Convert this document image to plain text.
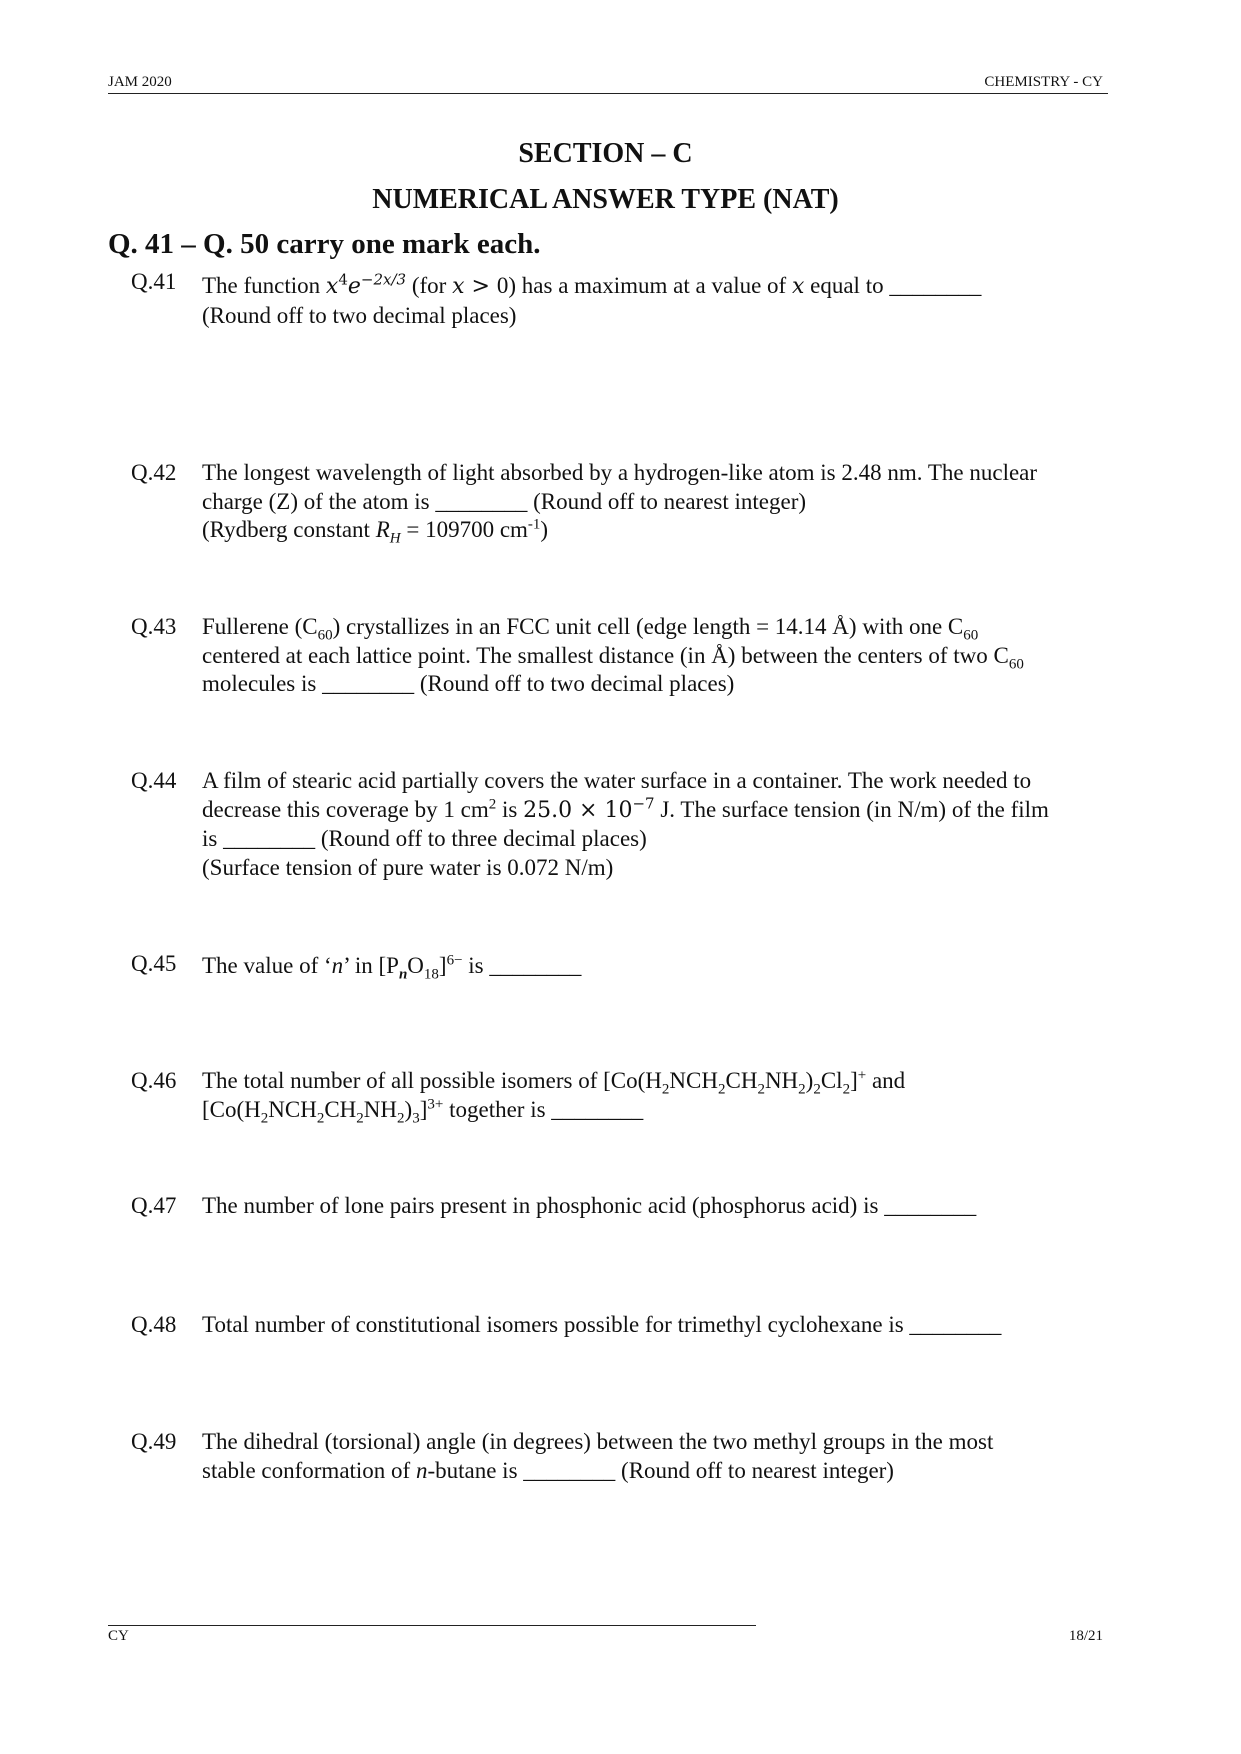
JAM 2020	CHEMISTRY - CY
SECTION – C
NUMERICAL ANSWER TYPE (NAT)
Q. 41 – Q. 50 carry one mark each.
Q.41 The function $x^4e^{-2x/3}$ (for x > 0) has a maximum at a value of x equal to ________
(Round off to two decimal places)
Q.42 The longest wavelength of light absorbed by a hydrogen-like atom is 2.48 nm. The nuclear
charge (Z) of the atom is ________ (Round off to nearest integer)
(Rydberg constant $R_H = 109700$ $cm^{-1}$)
Q.43 Fullerene $(C_{60})$ crystallizes in an FCC unit cell (edge length = 14.14 Å) with one $C_{60}$
centered at each lattice point. The smallest distance (in Å) between the centers of two $C_{60}$
molecules is ________ (Round off to two decimal places)
Q.44 A film of stearic acid partially covers the water surface in a container. The work needed to
decrease this coverage by 1 $cm^2$ is $25.0 \times 10^{-7}$ J. The surface tension (in N/m) of the film
is ________ (Round off to three decimal places)
(Surface tension of pure water is 0.072 N/m)
Q.45 The value of ‘n’ in $[P_nO_{18}]^{6-}$ is ________
Q.46 The total number of all possible isomers of $[Co(H_2NCH_2CH_2NH_2)_2Cl_2]^+$ and
$[Co(H_2NCH_2CH_2NH_2)_3]^{3+}$ together is ________
Q.47 The number of lone pairs present in phosphonic acid (phosphorus acid) is ________
Q.48 Total number of constitutional isomers possible for trimethyl cyclohexane is ________
Q.49 The dihedral (torsional) angle (in degrees) between the two methyl groups in the most
stable conformation of n-butane is ________ (Round off to nearest integer)
CY	18/21
